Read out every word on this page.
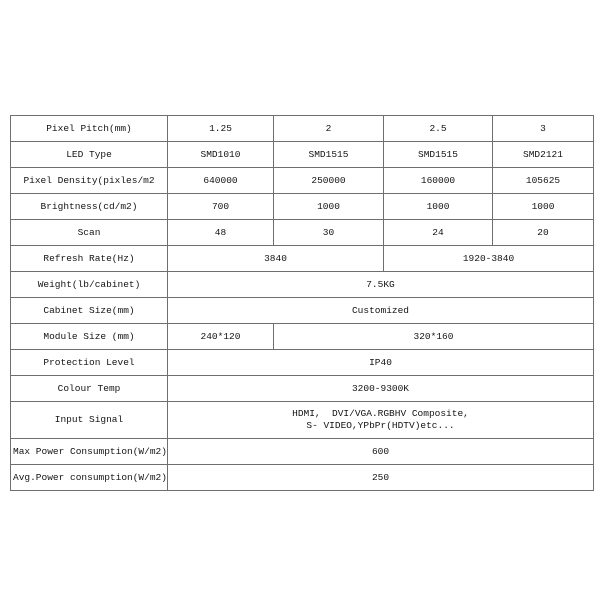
Pixel Pitch(mm)	1.25	2	2.5	3
LED Type	SMD1010	SMD1515	SMD1515	SMD2121
Pixel Density(pixles/m2	640000	250000	160000	105625
Brightness(cd/m2)	700	1000	1000	1000
Scan	48	30	24	20
Refresh Rate(Hz)	3840		1920-3840	
Weight(lb/cabinet)	7.5KG			
Cabinet Size(mm)	Customized			
Module Size (mm)	240*120	320*160		
Protection Level	IP40			
Colour Temp	3200-9300K			
Input Signal	HDMI,  DVI/VGA.RGBHV Composite,
S- VIDEO,YPbPr(HDTV)etc...			

Max Power Consumption(W/m2)	600			
Avg.Power consumption(W/m2)	250			
